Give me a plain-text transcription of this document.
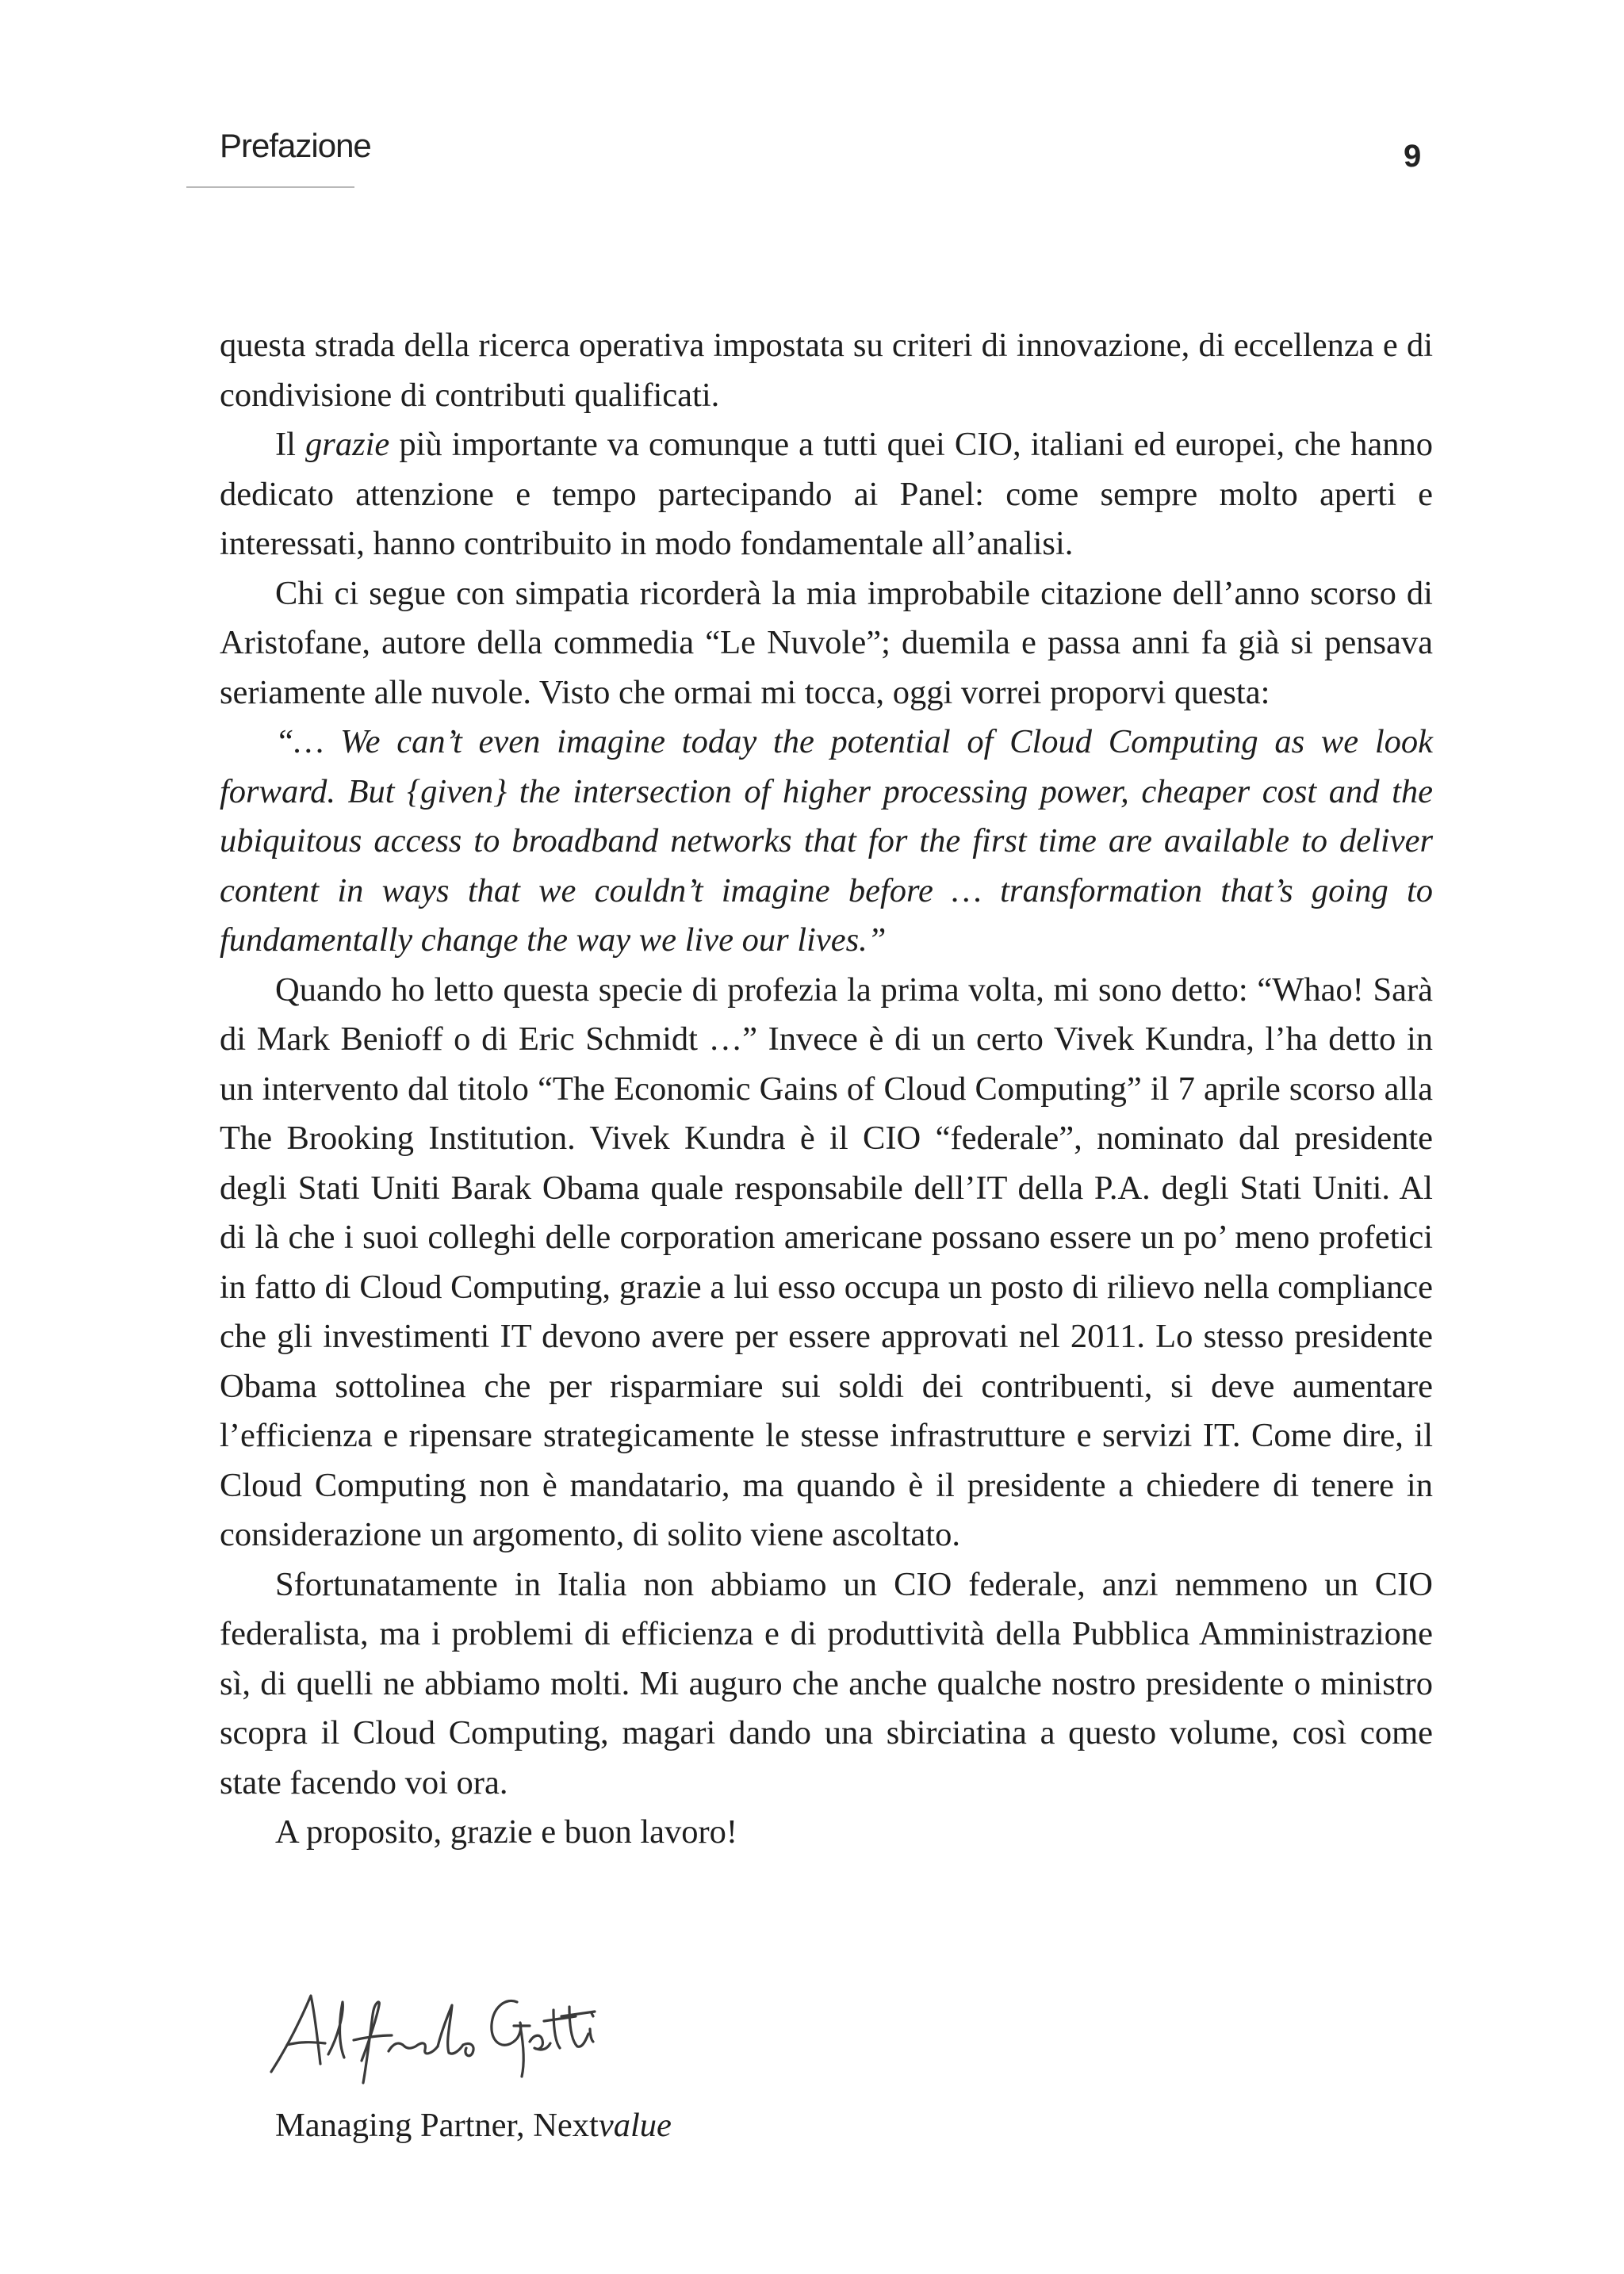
Prefazione	9

questa strada della ricerca operativa impostata su criteri di innovazione, di eccellenza e di condivisione di contributi qualificati.

Il grazie più importante va comunque a tutti quei CIO, italiani ed europei, che hanno dedicato attenzione e tempo partecipando ai Panel: come sempre molto aperti e interessati, hanno contribuito in modo fondamentale all’analisi.

Chi ci segue con simpatia ricorderà la mia improbabile citazione dell’anno scorso di Aristofane, autore della commedia “Le Nuvole”; duemila e passa anni fa già si pensava seriamente alle nuvole. Visto che ormai mi tocca, oggi vorrei proporvi questa:

“… We can’t even imagine today the potential of Cloud Computing as we look forward. But {given} the intersection of higher processing power, cheaper cost and the ubiquitous access to broadband networks that for the first time are available to deliver content in ways that we couldn’t imagine before … transformation that’s going to fundamentally change the way we live our lives.”

Quando ho letto questa specie di profezia la prima volta, mi sono detto: “Whao! Sarà di Mark Benioff o di Eric Schmidt …” Invece è di un certo Vivek Kundra, l’ha detto in un intervento dal titolo “The Economic Gains of Cloud Computing” il 7 aprile scorso alla The Brooking Institution. Vivek Kundra è il CIO “federale”, nominato dal presidente degli Stati Uniti Barak Obama quale responsabile dell’IT della P.A. degli Stati Uniti. Al di là che i suoi colleghi delle corporation americane possano essere un po’ meno profetici in fatto di Cloud Computing, grazie a lui esso occupa un posto di rilievo nella compliance che gli investimenti IT devono avere per essere approvati nel 2011. Lo stesso presidente Obama sottolinea che per risparmiare sui soldi dei contribuenti, si deve aumentare l’efficienza e ripensare strategicamente le stesse infrastrutture e servizi IT. Come dire, il Cloud Computing non è mandatario, ma quando è il presidente a chiedere di tenere in considerazione un argomento, di solito viene ascoltato.

Sfortunatamente in Italia non abbiamo un CIO federale, anzi nemmeno un CIO federalista, ma i problemi di efficienza e di produttività della Pubblica Amministrazione sì, di quelli ne abbiamo molti. Mi auguro che anche qualche nostro presidente o ministro scopra il Cloud Computing, magari dando una sbirciatina a questo volume, così come state facendo voi ora.

A proposito, grazie e buon lavoro!

Managing Partner, Nextvalue
